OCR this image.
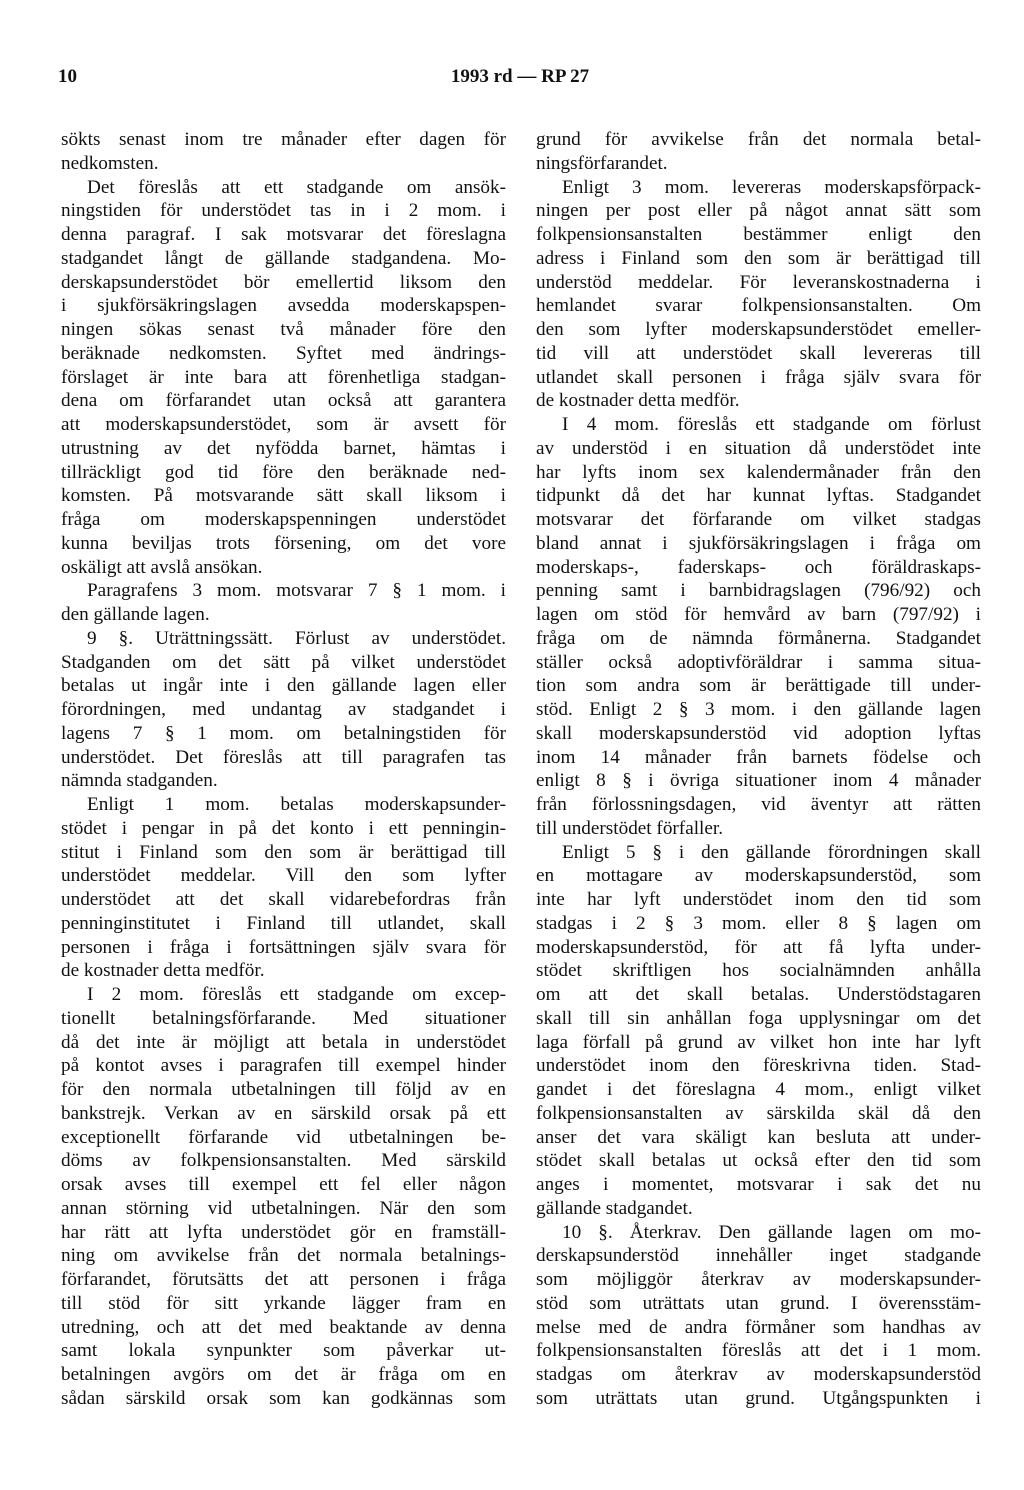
10	1993 rd — RP 27
sökts senast inom tre månader efter dagen för
nedkomsten.
Det föreslås att ett stadgande om ansök-
ningstiden för understödet tas in i 2 mom. i
denna paragraf. I sak motsvarar det föreslagna
stadgandet långt de gällande stadgandena. Mo-
derskapsunderstödet bör emellertid liksom den
i sjukförsäkringslagen avsedda moderskapspen-
ningen sökas senast två månader före den
beräknade nedkomsten. Syftet med ändrings-
förslaget är inte bara att förenhetliga stadgan-
dena om förfarandet utan också att garantera
att moderskapsunderstödet, som är avsett för
utrustning av det nyfödda barnet, hämtas i
tillräckligt god tid före den beräknade ned-
komsten. På motsvarande sätt skall liksom i
fråga om moderskapspenningen understödet
kunna beviljas trots försening, om det vore
oskäligt att avslå ansökan.
Paragrafens 3 mom. motsvarar 7 § 1 mom. i
den gällande lagen.
9 §. Uträttningssätt. Förlust av understödet.
Stadganden om det sätt på vilket understödet
betalas ut ingår inte i den gällande lagen eller
förordningen, med undantag av stadgandet i
lagens 7 § 1 mom. om betalningstiden för
understödet. Det föreslås att till paragrafen tas
nämnda stadganden.
Enligt 1 mom. betalas moderskapsunder-
stödet i pengar in på det konto i ett penningin-
stitut i Finland som den som är berättigad till
understödet meddelar. Vill den som lyfter
understödet att det skall vidarebefordras från
penninginstitutet i Finland till utlandet, skall
personen i fråga i fortsättningen själv svara för
de kostnader detta medför.
I 2 mom. föreslås ett stadgande om excep-
tionellt betalningsförfarande. Med situationer
då det inte är möjligt att betala in understödet
på kontot avses i paragrafen till exempel hinder
för den normala utbetalningen till följd av en
bankstrejk. Verkan av en särskild orsak på ett
exceptionellt förfarande vid utbetalningen be-
döms av folkpensionsanstalten. Med särskild
orsak avses till exempel ett fel eller någon
annan störning vid utbetalningen. När den som
har rätt att lyfta understödet gör en framställ-
ning om avvikelse från det normala betalnings-
förfarandet, förutsätts det att personen i fråga
till stöd för sitt yrkande lägger fram en
utredning, och att det med beaktande av denna
samt lokala synpunkter som påverkar ut-
betalningen avgörs om det är fråga om en
sådan särskild orsak som kan godkännas som
grund för avvikelse från det normala betal-
ningsförfarandet.
Enligt 3 mom. levereras moderskapsförpack-
ningen per post eller på något annat sätt som
folkpensionsanstalten bestämmer enligt den
adress i Finland som den som är berättigad till
understöd meddelar. För leveranskostnaderna i
hemlandet svarar folkpensionsanstalten. Om
den som lyfter moderskapsunderstödet emeller-
tid vill att understödet skall levereras till
utlandet skall personen i fråga själv svara för
de kostnader detta medför.
I 4 mom. föreslås ett stadgande om förlust
av understöd i en situation då understödet inte
har lyfts inom sex kalendermånader från den
tidpunkt då det har kunnat lyftas. Stadgandet
motsvarar det förfarande om vilket stadgas
bland annat i sjukförsäkringslagen i fråga om
moderskaps-, faderskaps- och föräldraskaps-
penning samt i barnbidragslagen (796/92) och
lagen om stöd för hemvård av barn (797/92) i
fråga om de nämnda förmånerna. Stadgandet
ställer också adoptivföräldrar i samma situa-
tion som andra som är berättigade till under-
stöd. Enligt 2 § 3 mom. i den gällande lagen
skall moderskapsunderstöd vid adoption lyftas
inom 14 månader från barnets födelse och
enligt 8 § i övriga situationer inom 4 månader
från förlossningsdagen, vid äventyr att rätten
till understödet förfaller.
Enligt 5 § i den gällande förordningen skall
en mottagare av moderskapsunderstöd, som
inte har lyft understödet inom den tid som
stadgas i 2 § 3 mom. eller 8 § lagen om
moderskapsunderstöd, för att få lyfta under-
stödet skriftligen hos socialnämnden anhålla
om att det skall betalas. Understödstagaren
skall till sin anhållan foga upplysningar om det
laga förfall på grund av vilket hon inte har lyft
understödet inom den föreskrivna tiden. Stad-
gandet i det föreslagna 4 mom., enligt vilket
folkpensionsanstalten av särskilda skäl då den
anser det vara skäligt kan besluta att under-
stödet skall betalas ut också efter den tid som
anges i momentet, motsvarar i sak det nu
gällande stadgandet.
10 §. Återkrav. Den gällande lagen om mo-
derskapsunderstöd innehåller inget stadgande
som möjliggör återkrav av moderskapsunder-
stöd som uträttats utan grund. I överensstäm-
melse med de andra förmåner som handhas av
folkpensionsanstalten föreslås att det i 1 mom.
stadgas om återkrav av moderskapsunderstöd
som uträttats utan grund. Utgångspunkten i
